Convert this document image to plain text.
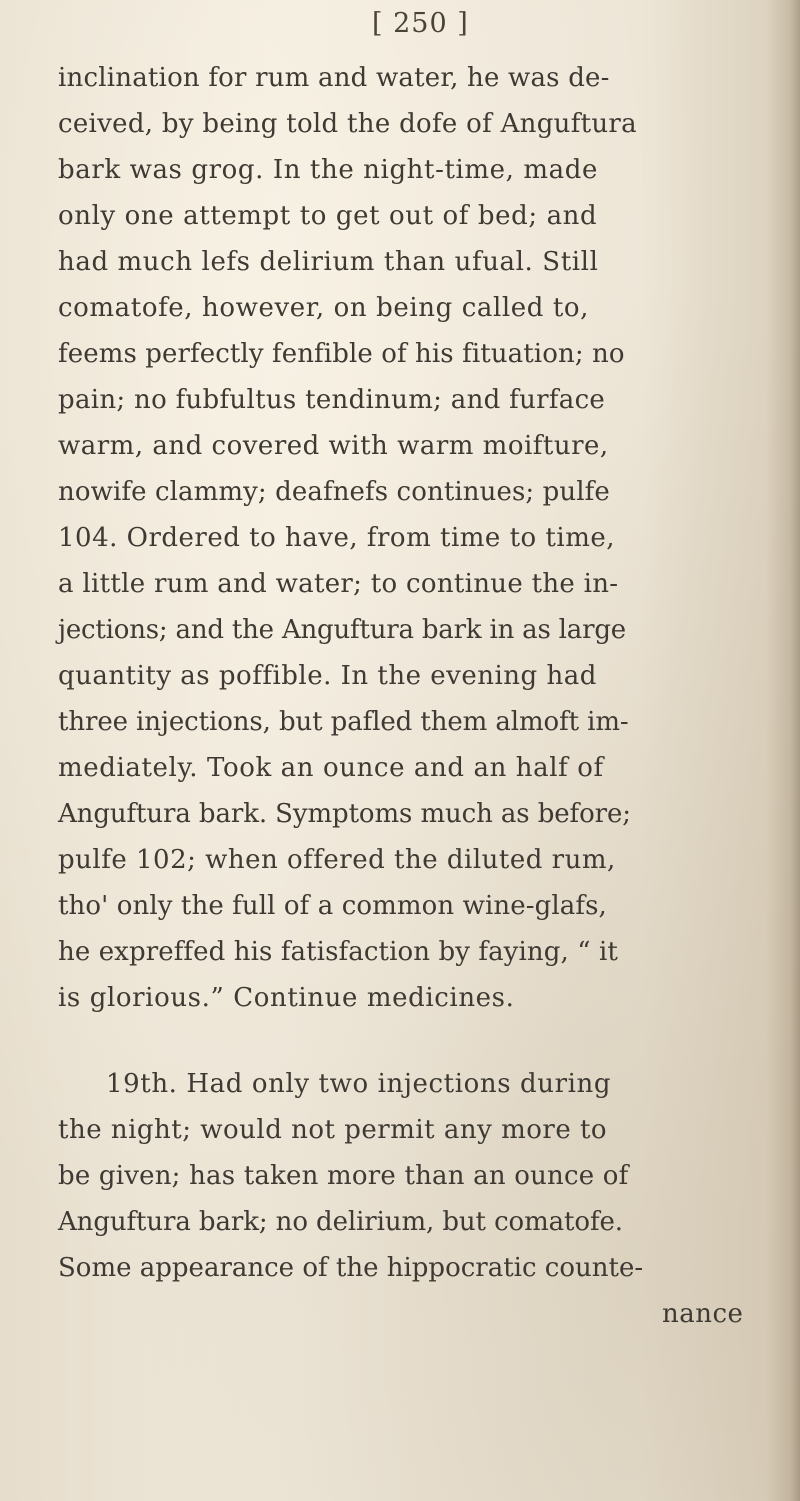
[ 250 ]
inclination for rum and water, he was de-
ceived, by being told the dofe of Anguftura
bark was grog. In the night-time, made
only one attempt to get out of bed; and
had much lefs delirium than ufual. Still
comatofe, however, on being called to,
feems perfectly fenfible of his fituation; no
pain; no fubfultus tendinum; and furface
warm, and covered with warm moifture,
nowife clammy; deafnefs continues; pulfe
104. Ordered to have, from time to time,
a little rum and water; to continue the in-
jections; and the Anguftura bark in as large
quantity as poffible. In the evening had
three injections, but pafled them almoft im-
mediately. Took an ounce and an half of
Anguftura bark. Symptoms much as before;
pulfe 102; when offered the diluted rum,
tho' only the full of a common wine-glafs,
he expreffed his fatisfaction by faying, “ it
is glorious.” Continue medicines.
19th. Had only two injections during
the night; would not permit any more to
be given; has taken more than an ounce of
Anguftura bark; no delirium, but comatofe.
Some appearance of the hippocratic counte-
nance
